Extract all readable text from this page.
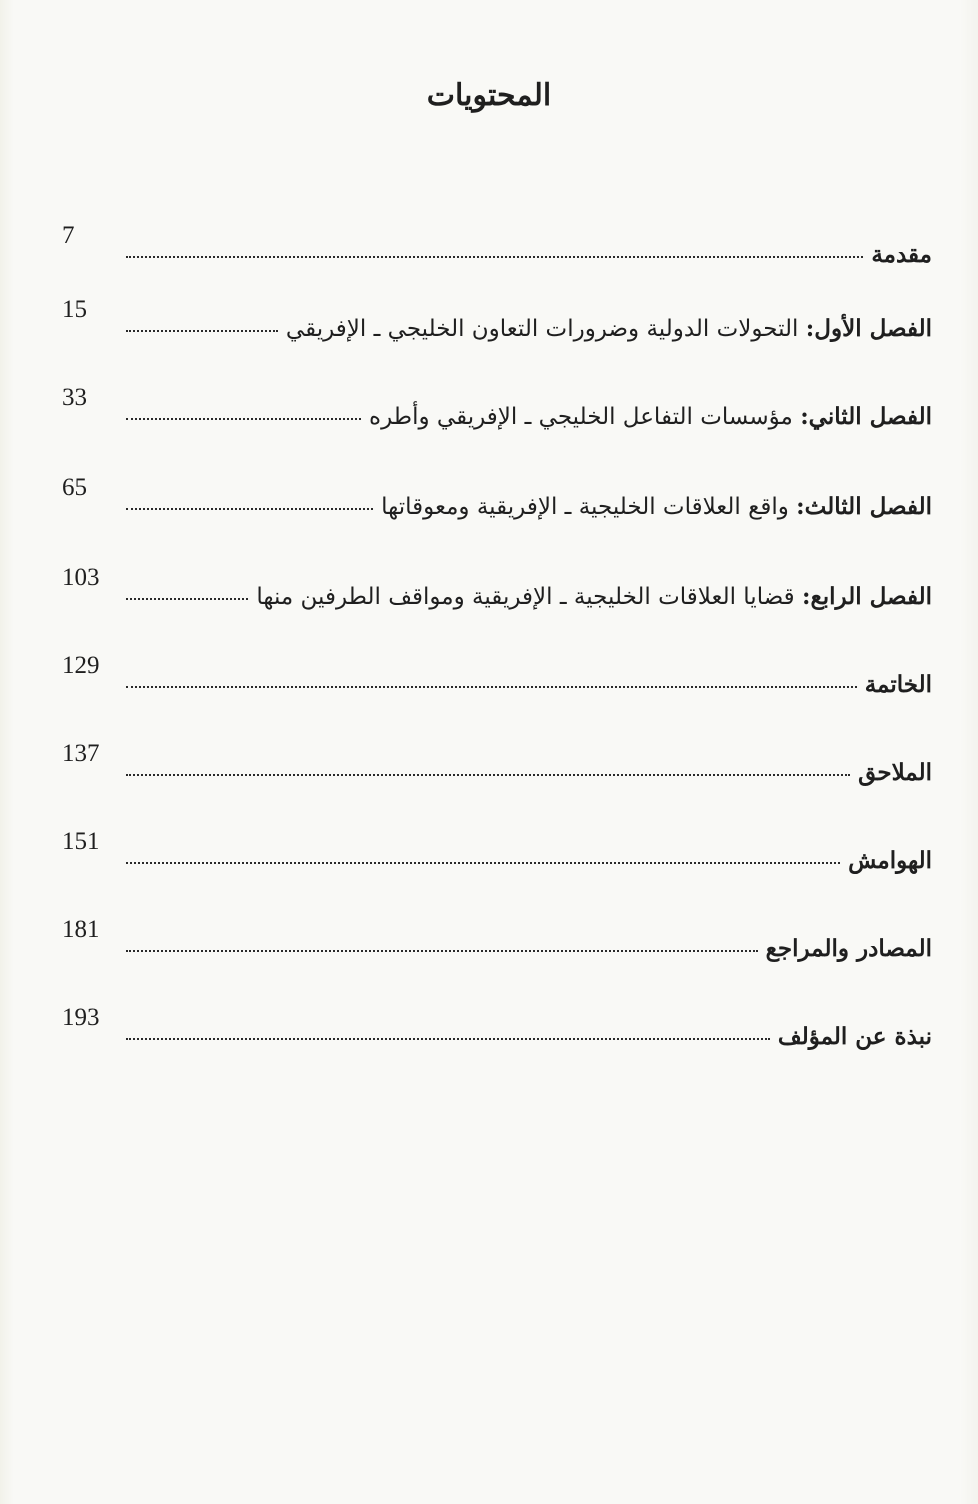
المحتويات
مقدمة
7
الفصل الأول: التحولات الدولية وضرورات التعاون الخليجي ـ الإفريقي
15
الفصل الثاني: مؤسسات التفاعل الخليجي ـ الإفريقي وأطره
33
الفصل الثالث: واقع العلاقات الخليجية ـ الإفريقية ومعوقاتها
65
الفصل الرابع: قضايا العلاقات الخليجية ـ الإفريقية ومواقف الطرفين منها
103
الخاتمة
129
الملاحق
137
الهوامش
151
المصادر والمراجع
181
نبذة عن المؤلف
193
